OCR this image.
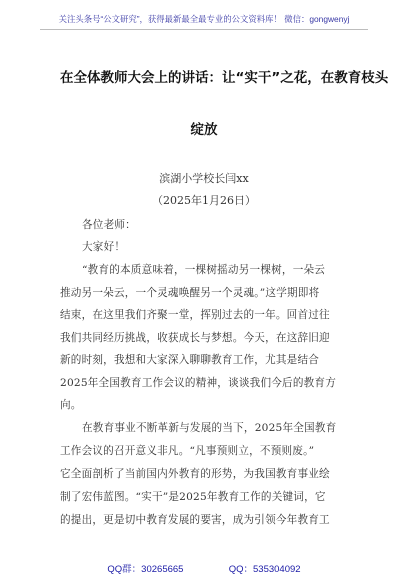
关注头条号“公文研究”，获得最新最全最专业的公文资料库！ 微信：gongwenyj
在全体教师大会上的讲话：让“实干”之花，在教育枝头
绽放
滨湖小学校长闫xx
（2025年1月26日）
各位老师：
大家好！
“教育的本质意味着，一棵树摇动另一棵树，一朵云
推动另一朵云，一个灵魂唤醒另一个灵魂。”这学期即将
结束，在这里我们齐聚一堂，挥别过去的一年。回首过往
我们共同经历挑战，收获成长与梦想。今天，在这辞旧迎
新的时刻，我想和大家深入聊聊教育工作，尤其是结合
2025年全国教育工作会议的精神，谈谈我们今后的教育方
向。
在教育事业不断革新与发展的当下，2025年全国教育
工作会议的召开意义非凡。“凡事预则立，不预则废。”
它全面剖析了当前国内外教育的形势，为我国教育事业绘
制了宏伟蓝图。“实干”是2025年教育工作的关键词，它
的提出，更是切中教育发展的要害，成为引领今年教育工
QQ群：30265665	QQ：535304092
